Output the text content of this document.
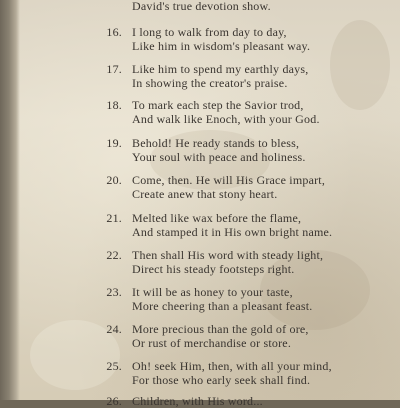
David's true devotion show.
16. I long to walk from day to day,
Like him in wisdom's pleasant way.
17. Like him to spend my earthly days,
In showing the creator's praise.
18. To mark each step the Savior trod,
And walk like Enoch, with your God.
19. Behold! He ready stands to bless,
Your soul with peace and holiness.
20. Come, then. He will His Grace impart,
Create anew that stony heart.
21. Melted like wax before the flame,
And stamped it in His own bright name.
22. Then shall His word with steady light,
Direct his steady footsteps right.
23. It will be as honey to your taste,
More cheering than a pleasant feast.
24. More precious than the gold of ore,
Or rust of merchandise or store.
25. Oh! seek Him, then, with all your mind,
For those who early seek shall find.
26. Children, with His word...
